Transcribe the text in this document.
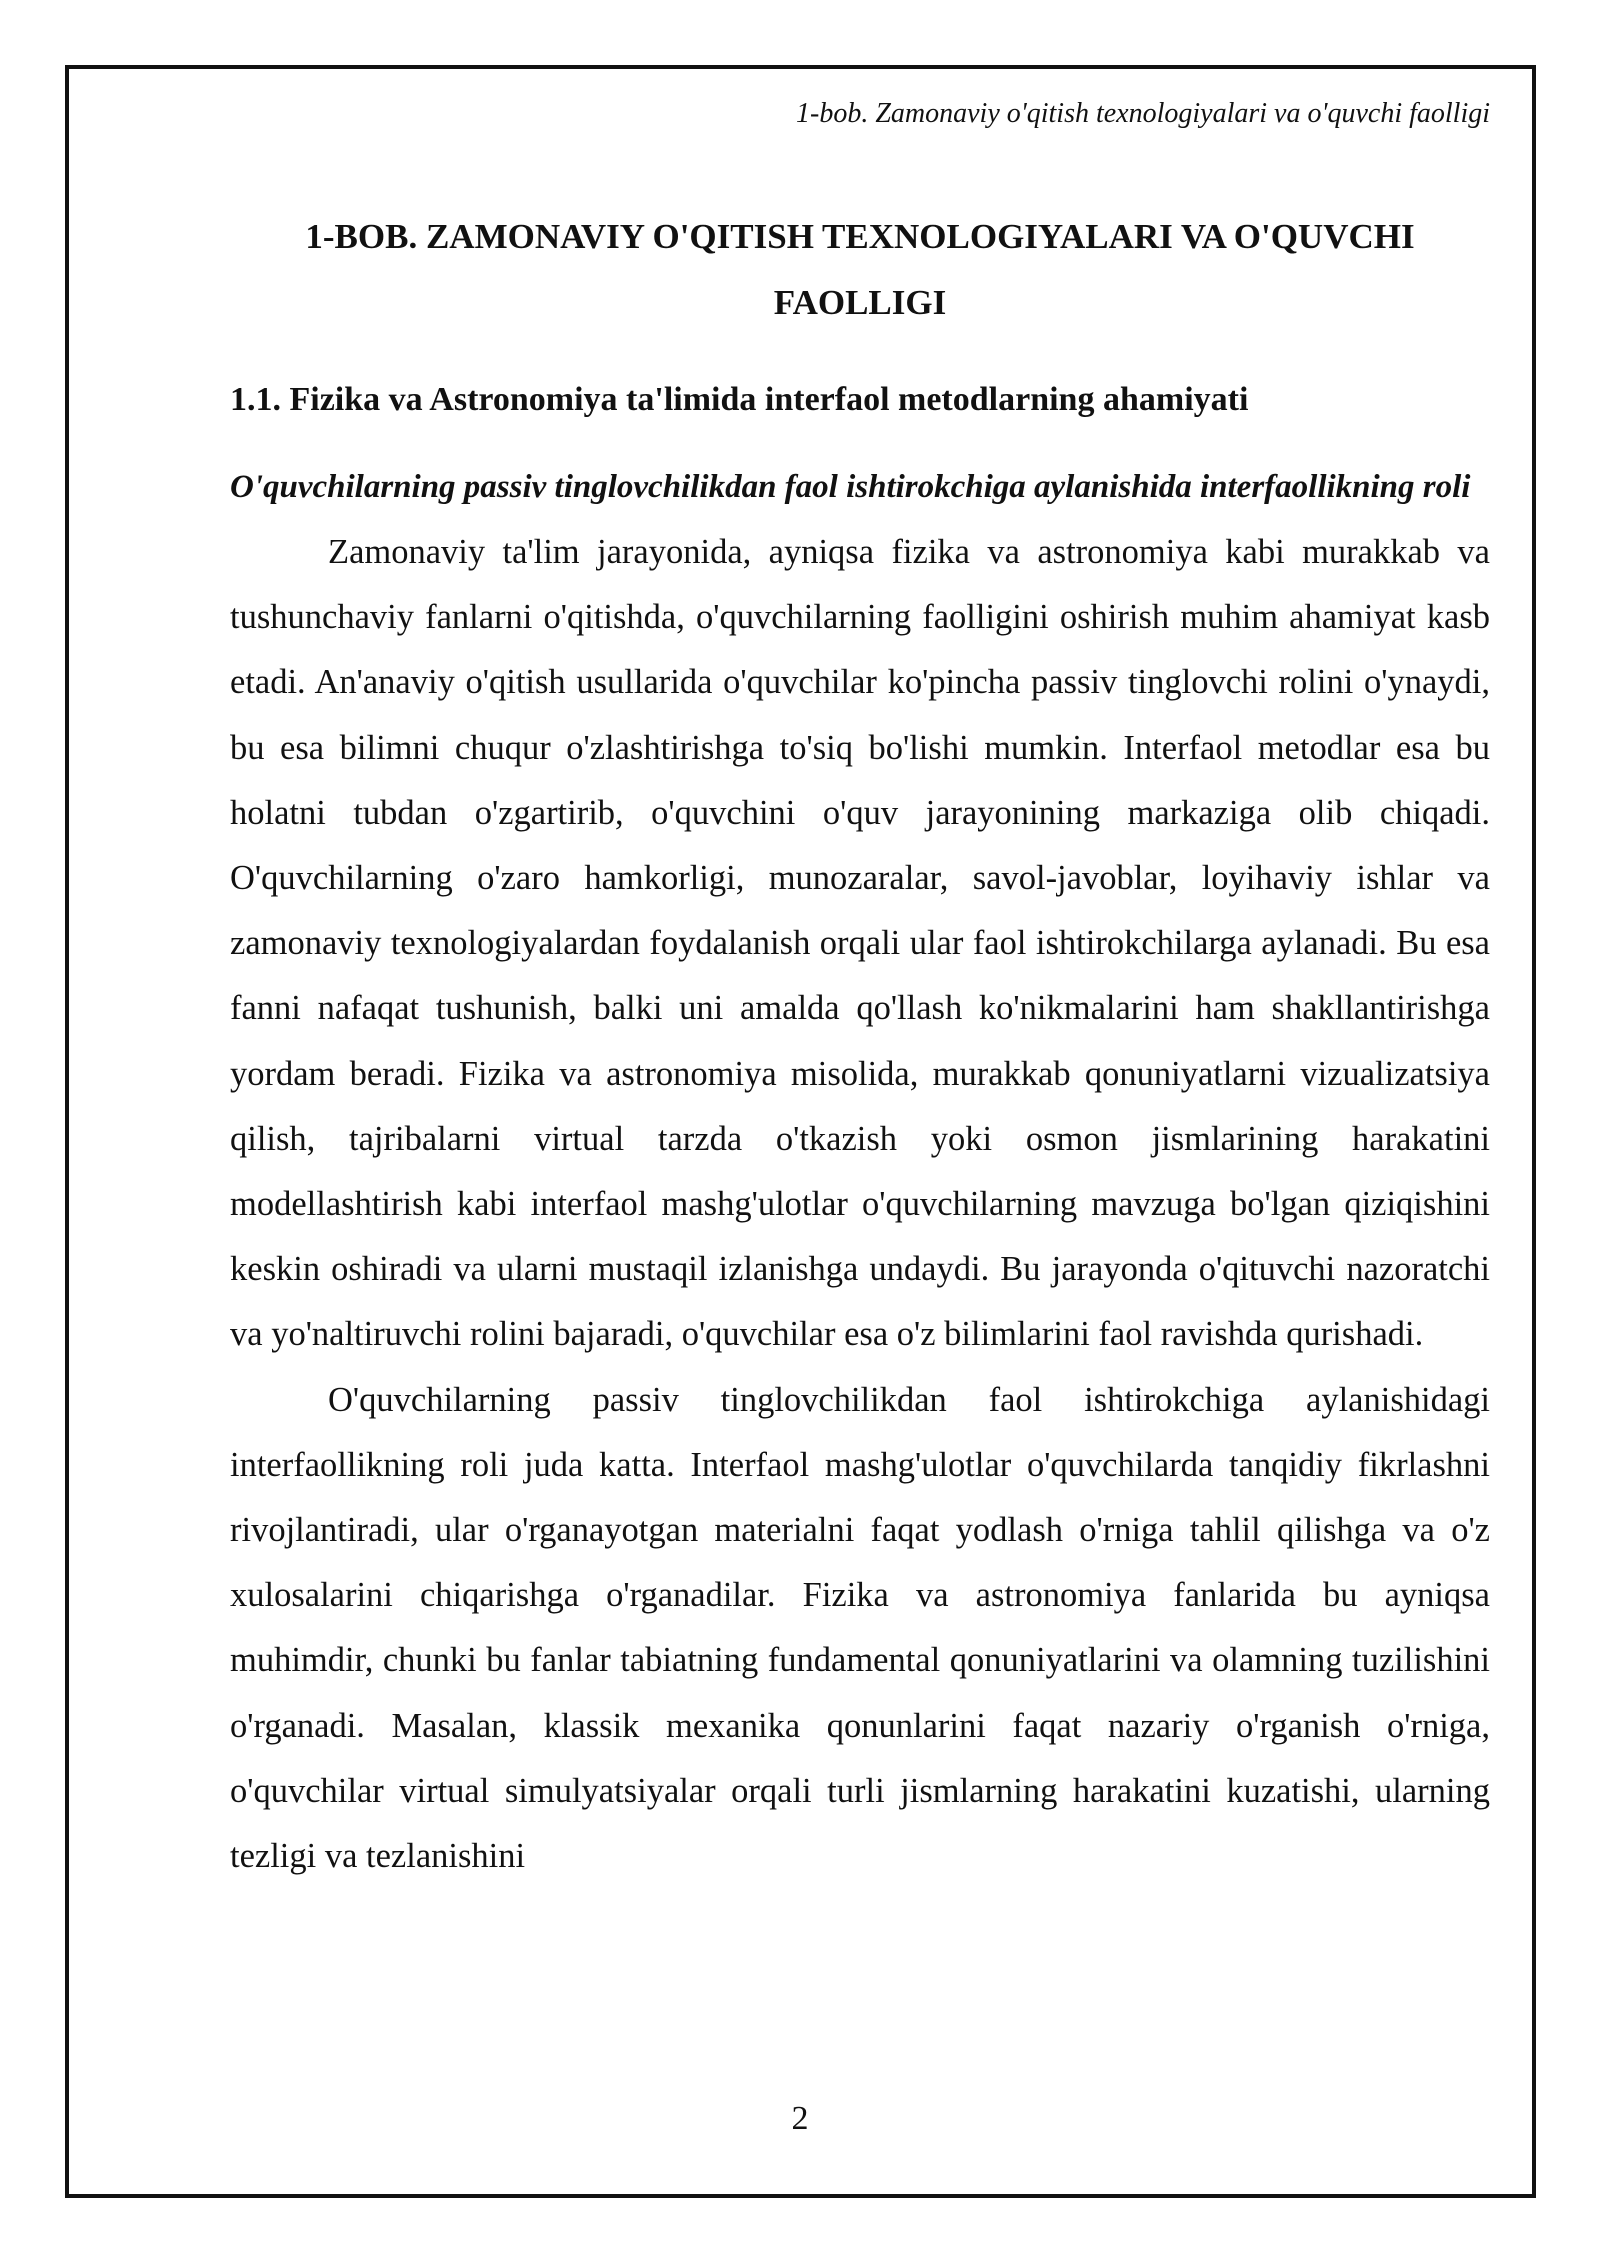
1-bob. Zamonaviy o'qitish texnologiyalari va o'quvchi faolligi
1-BOB. ZAMONAVIY O'QITISH TEXNOLOGIYALARI VA O'QUVCHI FAOLLIGI
1.1. Fizika va Astronomiya ta'limida interfaol metodlarning ahamiyati
O'quvchilarning passiv tinglovchilikdan faol ishtirokchiga aylanishida interfaollikning roli

Zamonaviy ta'lim jarayonida, ayniqsa fizika va astronomiya kabi murakkab va tushunchaviy fanlarni o'qitishda, o'quvchilarning faolligini oshirish muhim ahamiyat kasb etadi. An'anaviy o'qitish usullarida o'quvchilar ko'pincha passiv tinglovchi rolini o'ynaydi, bu esa bilimni chuqur o'zlashtirishga to'siq bo'lishi mumkin. Interfaol metodlar esa bu holatni tubdan o'zgartirib, o'quvchini o'quv jarayonining markaziga olib chiqadi. O'quvchilarning o'zaro hamkorligi, munozaralar, savol-javoblar, loyihaviy ishlar va zamonaviy texnologiyalardan foydalanish orqali ular faol ishtirokchilarga aylanadi. Bu esa fanni nafaqat tushunish, balki uni amalda qo'llash ko'nikmalarini ham shakllantirishga yordam beradi. Fizika va astronomiya misolida, murakkab qonuniyatlarni vizualizatsiya qilish, tajribalarni virtual tarzda o'tkazish yoki osmon jismlarining harakatini modellashtirish kabi interfaol mashg'ulotlar o'quvchilarning mavzuga bo'lgan qiziqishini keskin oshiradi va ularni mustaqil izlanishga undaydi. Bu jarayonda o'qituvchi nazoratchi va yo'naltiruvchi rolini bajaradi, o'quvchilar esa o'z bilimlarini faol ravishda qurishadi.

O'quvchilarning passiv tinglovchilikdan faol ishtirokchiga aylanishidagi interfaollikning roli juda katta. Interfaol mashg'ulotlar o'quvchilarda tanqidiy fikrlashni rivojlantiradi, ular o'rganayotgan materialni faqat yodlash o'rniga tahlil qilishga va o'z xulosalarini chiqarishga o'rganadilar. Fizika va astronomiya fanlarida bu ayniqsa muhimdir, chunki bu fanlar tabiatning fundamental qonuniyatlarini va olamning tuzilishini o'rganadi. Masalan, klassik mexanika qonunlarini faqat nazariy o'rganish o'rniga, o'quvchilar virtual simulyatsiyalar orqali turli jismlarning harakatini kuzatishi, ularning tezligi va tezlanishini

2
